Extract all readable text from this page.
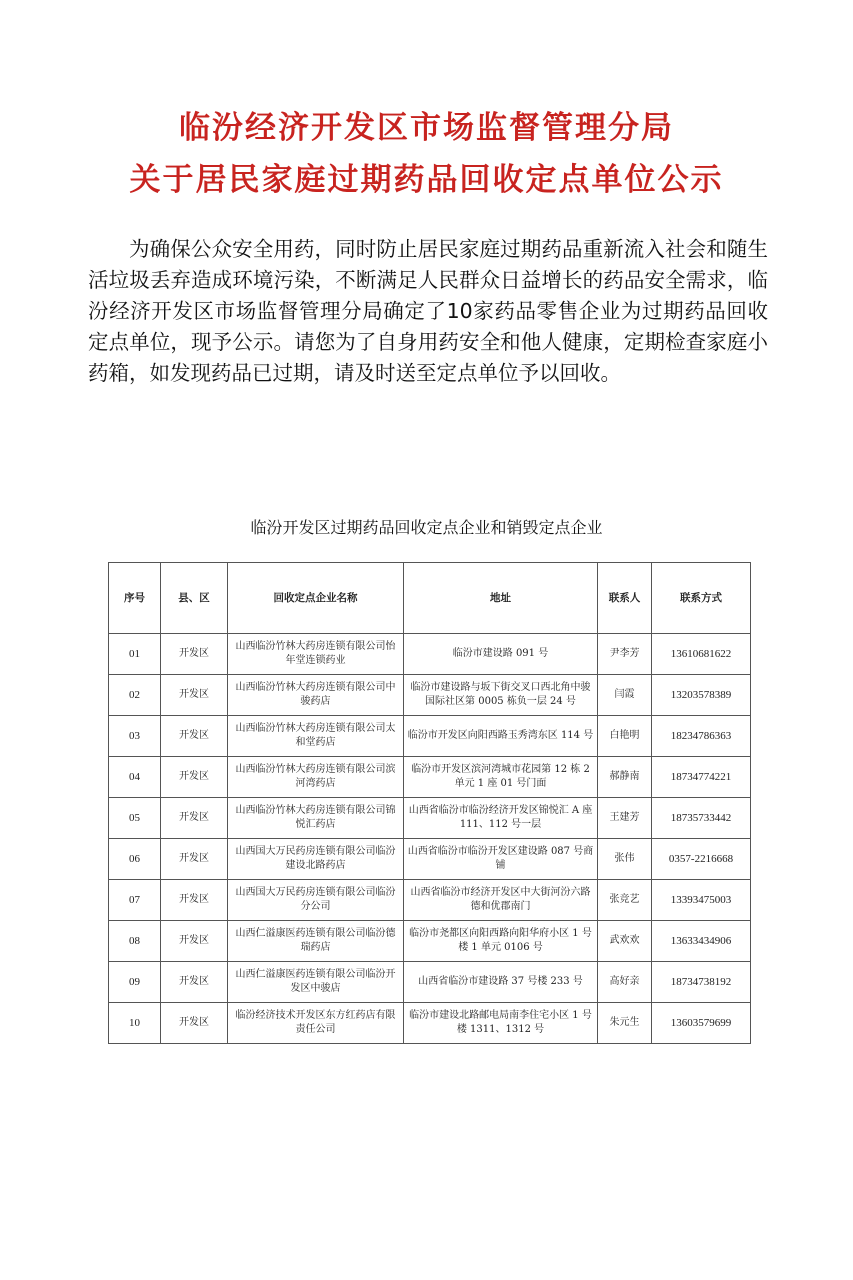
临汾经济开发区市场监督管理分局
关于居民家庭过期药品回收定点单位公示

为确保公众安全用药，同时防止居民家庭过期药品重新流入社会和随生活垃圾丢弃造成环境污染，不断满足人民群众日益增长的药品安全需求，临汾经济开发区市场监督管理分局确定了10家药品零售企业为过期药品回收定点单位，现予公示。请您为了自身用药安全和他人健康，定期检查家庭小药箱，如发现药品已过期，请及时送至定点单位予以回收。

临汾开发区过期药品回收定点企业和销毁定点企业
序号	县、区	回收定点企业名称	地址	联系人	联系方式
01	开发区	山西临汾竹林大药房连锁有限公司怡年堂连锁药业	临汾市建设路 091 号	尹李芳	13610681622
02	开发区	山西临汾竹林大药房连锁有限公司中骏药店	临汾市建设路与坂下街交叉口西北角中骏国际社区第 0005 栋负一层 24 号	闫霞	13203578389
03	开发区	山西临汾竹林大药房连锁有限公司太和堂药店	临汾市开发区向阳西路玉秀湾东区 114 号	白艳明	18234786363
04	开发区	山西临汾竹林大药房连锁有限公司滨河湾药店	临汾市开发区滨河湾城市花园第 12 栋 2 单元 1 座 01 号门面	郝静南	18734774221
05	开发区	山西临汾竹林大药房连锁有限公司锦悦汇药店	山西省临汾市临汾经济开发区锦悦汇 A 座 111、112 号一层	王建芳	18735733442
06	开发区	山西国大万民药房连锁有限公司临汾建设北路药店	山西省临汾市临汾开发区建设路 087 号商铺	张伟	0357-2216668
07	开发区	山西国大万民药房连锁有限公司临汾分公司	山西省临汾市经济开发区中大街河汾六路德和优郡南门	张竞艺	13393475003
08	开发区	山西仁溢康医药连锁有限公司临汾德瑞药店	临汾市尧都区向阳西路向阳华府小区 1 号楼 1 单元 0106 号	武欢欢	13633434906
09	开发区	山西仁溢康医药连锁有限公司临汾开发区中骏店	山西省临汾市建设路 37 号楼 233 号	高好亲	18734738192
10	开发区	临汾经济技术开发区东方红药店有限责任公司	临汾市建设北路邮电局南李住宅小区 1 号楼 1311、1312 号	朱元生	13603579699
